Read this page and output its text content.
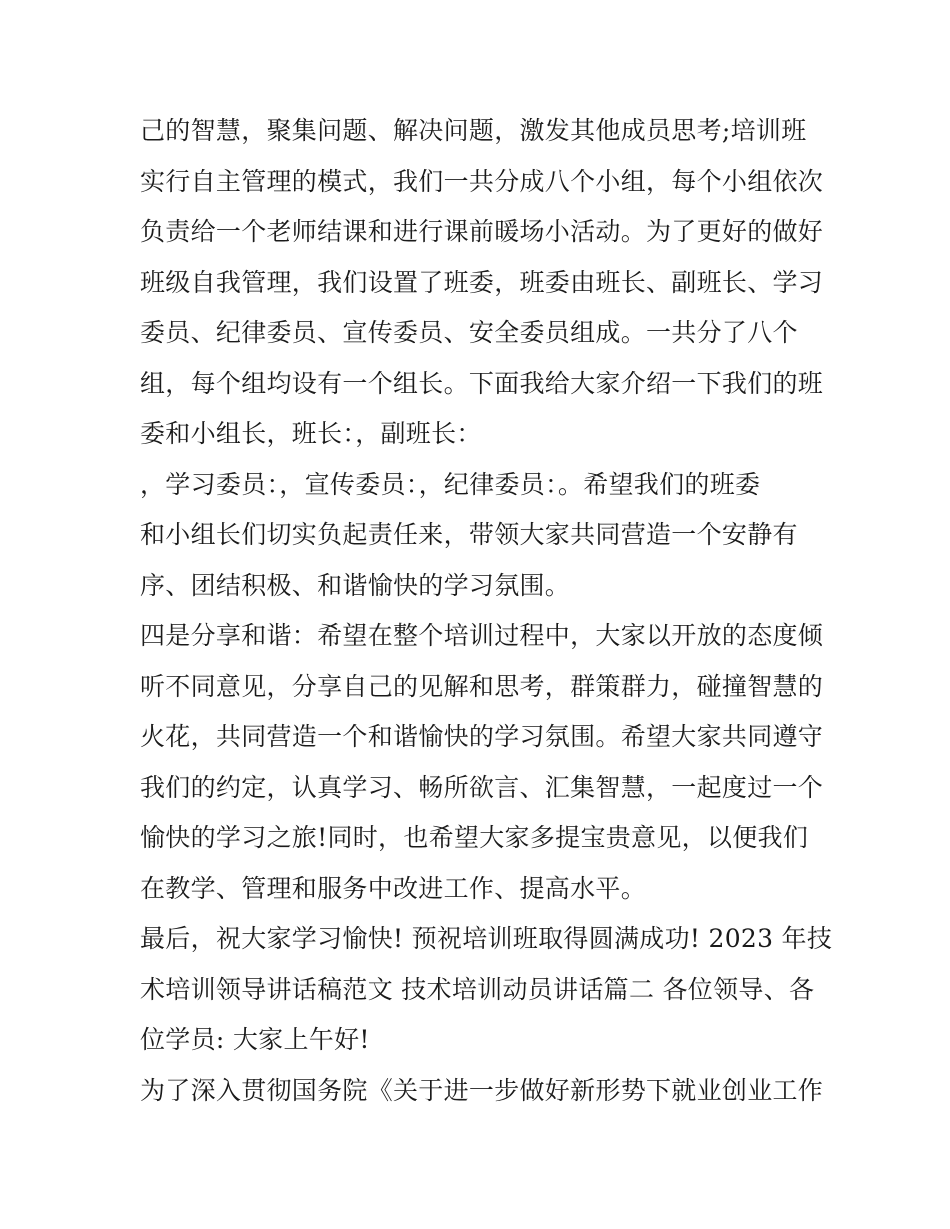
己的智慧，聚集问题、解决问题，激发其他成员思考;培训班
实行自主管理的模式，我们一共分成八个小组，每个小组依次
负责给一个老师结课和进行课前暖场小活动。为了更好的做好
班级自我管理，我们设置了班委，班委由班长、副班长、学习
委员、纪律委员、宣传委员、安全委员组成。一共分了八个
组，每个组均设有一个组长。下面我给大家介绍一下我们的班
委和小组长，班长：，副班长：
，学习委员：，宣传委员：，纪律委员：。希望我们的班委
和小组长们切实负起责任来，带领大家共同营造一个安静有
序、团结积极、和谐愉快的学习氛围。
四是分享和谐：希望在整个培训过程中，大家以开放的态度倾
听不同意见，分享自己的见解和思考，群策群力，碰撞智慧的
火花，共同营造一个和谐愉快的学习氛围。希望大家共同遵守
我们的约定，认真学习、畅所欲言、汇集智慧，一起度过一个
愉快的学习之旅!同时，也希望大家多提宝贵意见，以便我们
在教学、管理和服务中改进工作、提高水平。
最后，祝大家学习愉快! 预祝培训班取得圆满成功! 2023 年技
术培训领导讲话稿范文 技术培训动员讲话篇二 各位领导、各
位学员: 大家上午好!
为了深入贯彻国务院《关于进一步做好新形势下就业创业工作
